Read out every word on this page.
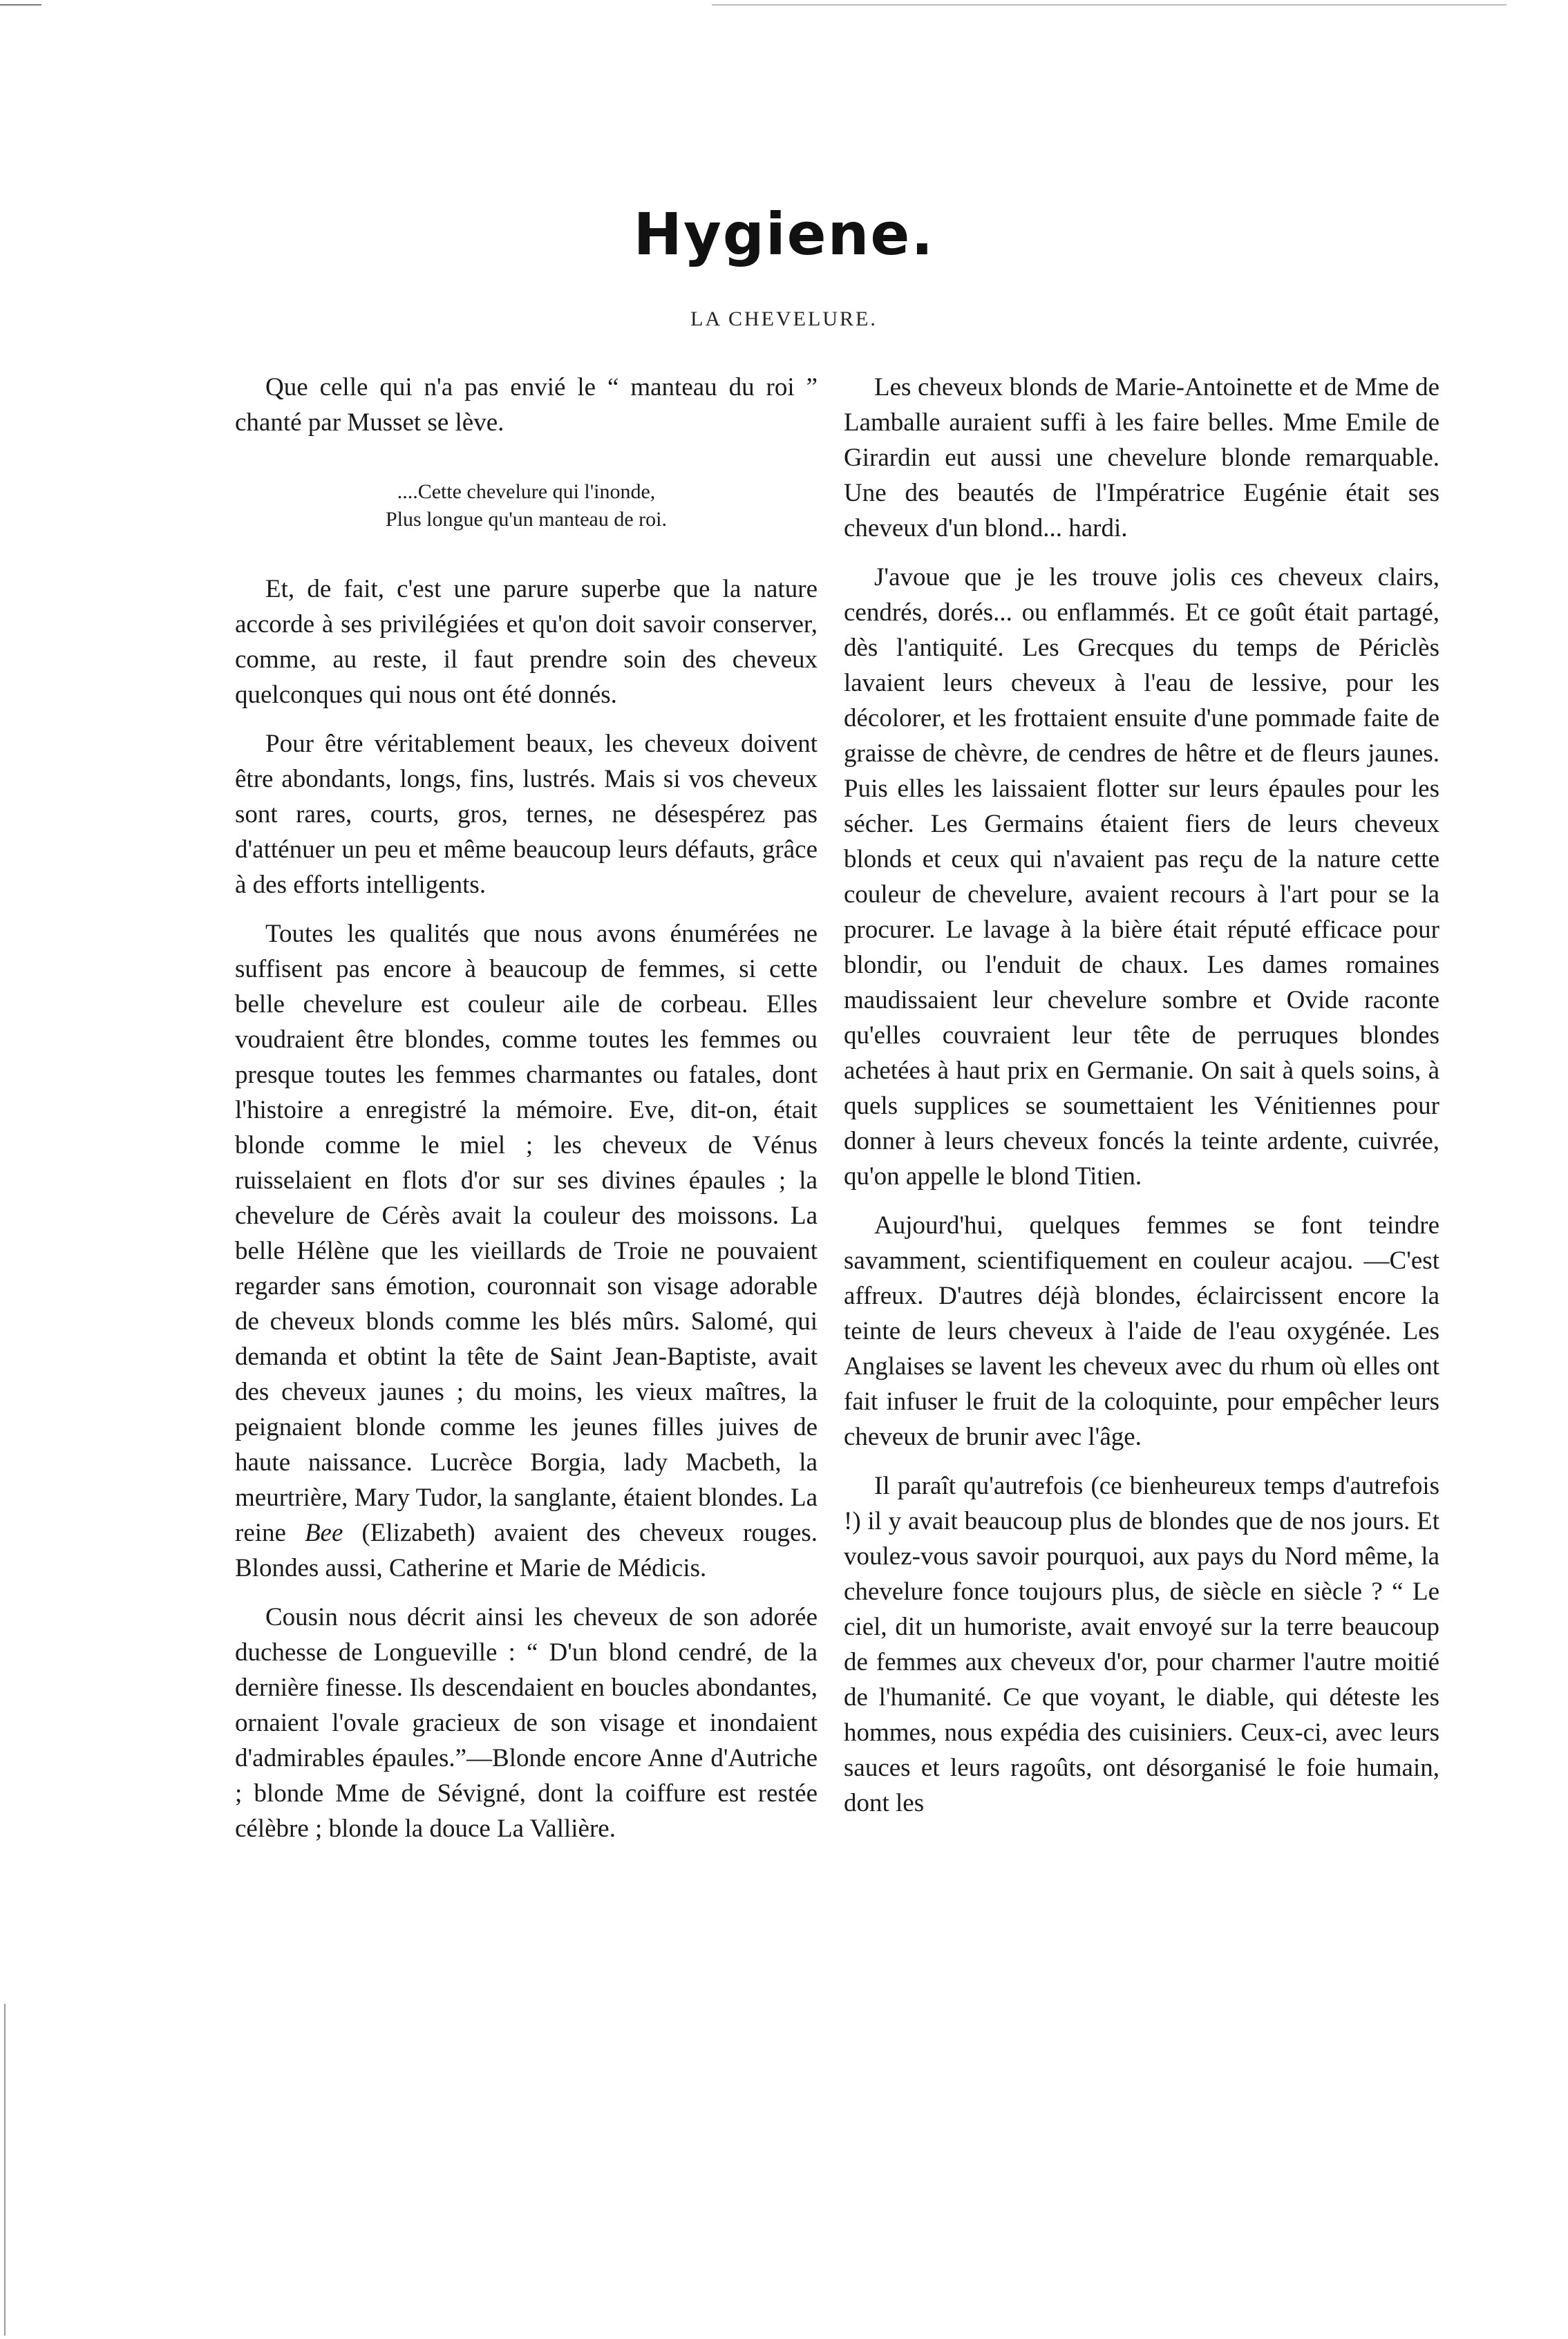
Hygiene.
LA CHEVELURE.

Que celle qui n'a pas envié le “ manteau du roi ” chanté par Musset se lève.

....Cette chevelure qui l'inonde,
Plus longue qu'un manteau de roi.

Et, de fait, c'est une parure superbe que la nature accorde à ses privilégiées et qu'on doit savoir conserver, comme, au reste, il faut prendre soin des cheveux quelconques qui nous ont été donnés.

Pour être véritablement beaux, les cheveux doivent être abondants, longs, fins, lustrés. Mais si vos cheveux sont rares, courts, gros, ternes, ne désespérez pas d'atténuer un peu et même beaucoup leurs défauts, grâce à des efforts intelligents.

Toutes les qualités que nous avons énumérées ne suffisent pas encore à beaucoup de femmes, si cette belle chevelure est couleur aile de corbeau. Elles voudraient être blondes, comme toutes les femmes ou presque toutes les femmes charmantes ou fatales, dont l'histoire a enregistré la mémoire. Eve, dit-on, était blonde comme le miel ; les cheveux de Vénus ruisselaient en flots d'or sur ses divines épaules ; la chevelure de Cérès avait la couleur des moissons. La belle Hélène que les vieillards de Troie ne pouvaient regarder sans émotion, couronnait son visage adorable de cheveux blonds comme les blés mûrs. Salomé, qui demanda et obtint la tête de Saint Jean-Baptiste, avait des cheveux jaunes ; du moins, les vieux maîtres, la peignaient blonde comme les jeunes filles juives de haute naissance. Lucrèce Borgia, lady Macbeth, la meurtrière, Mary Tudor, la sanglante, étaient blondes. La reine Bee (Elizabeth) avaient des cheveux rouges. Blondes aussi, Catherine et Marie de Médicis.

Cousin nous décrit ainsi les cheveux de son adorée duchesse de Longueville : “ D'un blond cendré, de la dernière finesse. Ils descendaient en boucles abondantes, ornaient l'ovale gracieux de son visage et inondaient d'admirables épaules.”—Blonde encore Anne d'Autriche ; blonde Mme de Sévigné, dont la coiffure est restée célèbre ; blonde la douce La Vallière.

Les cheveux blonds de Marie-Antoinette et de Mme de Lamballe auraient suffi à les faire belles. Mme Emile de Girardin eut aussi une chevelure blonde remarquable. Une des beautés de l'Impératrice Eugénie était ses cheveux d'un blond... hardi.

J'avoue que je les trouve jolis ces cheveux clairs, cendrés, dorés... ou enflammés. Et ce goût était partagé, dès l'antiquité. Les Grecques du temps de Périclès lavaient leurs cheveux à l'eau de lessive, pour les décolorer, et les frottaient ensuite d'une pommade faite de graisse de chèvre, de cendres de hêtre et de fleurs jaunes. Puis elles les laissaient flotter sur leurs épaules pour les sécher. Les Germains étaient fiers de leurs cheveux blonds et ceux qui n'avaient pas reçu de la nature cette couleur de chevelure, avaient recours à l'art pour se la procurer. Le lavage à la bière était réputé efficace pour blondir, ou l'enduit de chaux. Les dames romaines maudissaient leur chevelure sombre et Ovide raconte qu'elles couvraient leur tête de perruques blondes achetées à haut prix en Germanie. On sait à quels soins, à quels supplices se soumettaient les Vénitiennes pour donner à leurs cheveux foncés la teinte ardente, cuivrée, qu'on appelle le blond Titien.

Aujourd'hui, quelques femmes se font teindre savamment, scientifiquement en couleur acajou. —C'est affreux. D'autres déjà blondes, éclaircissent encore la teinte de leurs cheveux à l'aide de l'eau oxygénée. Les Anglaises se lavent les cheveux avec du rhum où elles ont fait infuser le fruit de la coloquinte, pour empêcher leurs cheveux de brunir avec l'âge.

Il paraît qu'autrefois (ce bienheureux temps d'autrefois !) il y avait beaucoup plus de blondes que de nos jours. Et voulez-vous savoir pourquoi, aux pays du Nord même, la chevelure fonce toujours plus, de siècle en siècle ? “ Le ciel, dit un humoriste, avait envoyé sur la terre beaucoup de femmes aux cheveux d'or, pour charmer l'autre moitié de l'humanité. Ce que voyant, le diable, qui déteste les hommes, nous expédia des cuisiniers. Ceux-ci, avec leurs sauces et leurs ragoûts, ont désorganisé le foie humain, dont les
